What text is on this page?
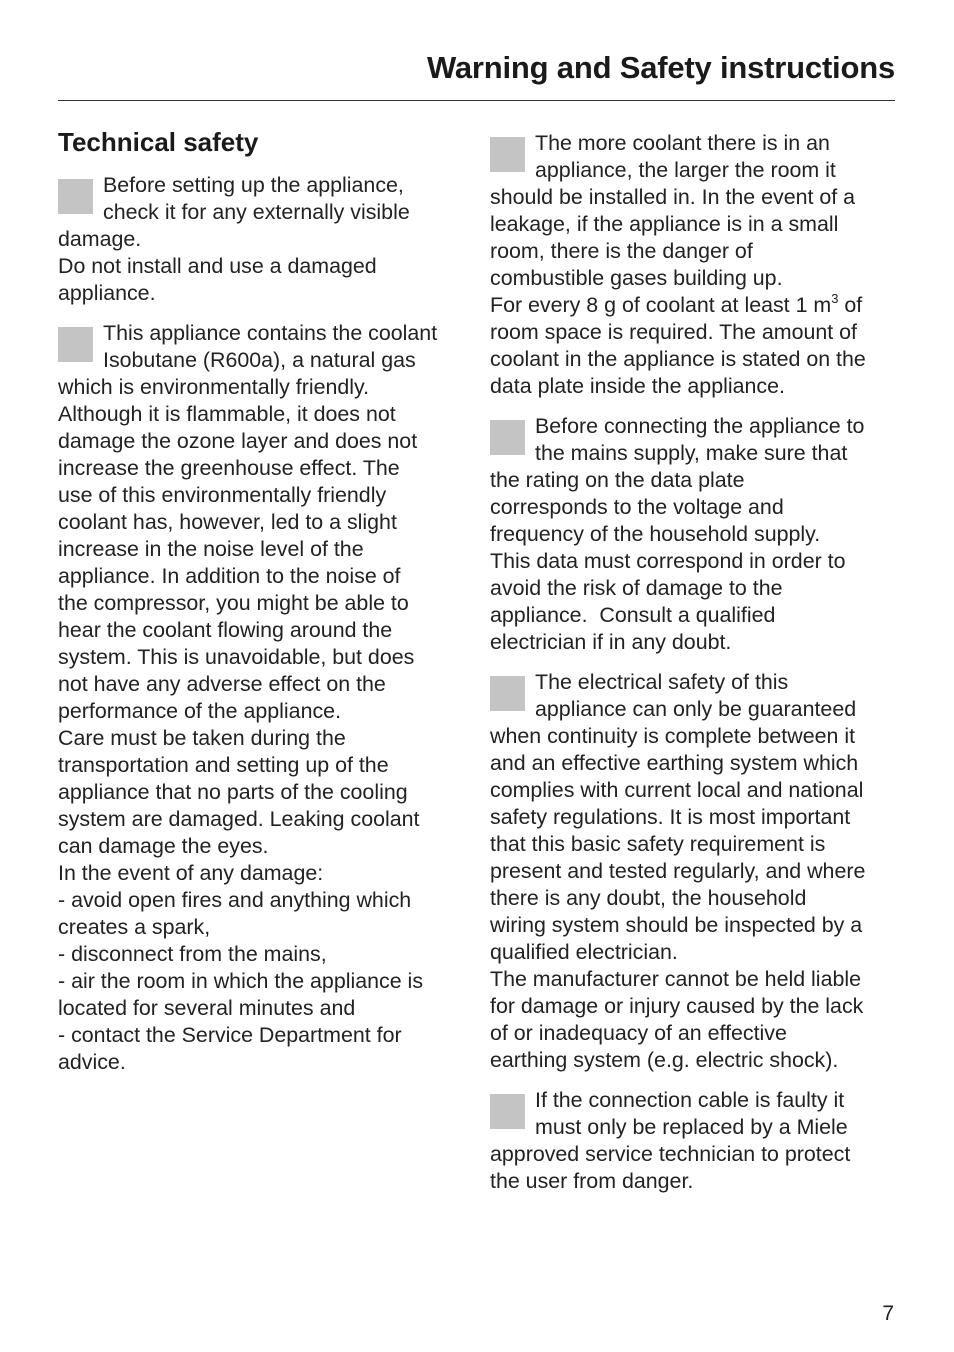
Warning and Safety instructions
Technical safety
Before setting up the appliance,
check it for any externally visible
damage.
Do not install and use a damaged
appliance.
This appliance contains the coolant
Isobutane (R600a), a natural gas
which is environmentally friendly.
Although it is flammable, it does not
damage the ozone layer and does not
increase the greenhouse effect. The
use of this environmentally friendly
coolant has, however, led to a slight
increase in the noise level of the
appliance. In addition to the noise of
the compressor, you might be able to
hear the coolant flowing around the
system. This is unavoidable, but does
not have any adverse effect on the
performance of the appliance.
Care must be taken during the
transportation and setting up of the
appliance that no parts of the cooling
system are damaged. Leaking coolant
can damage the eyes.
In the event of any damage:
- avoid open fires and anything which
creates a spark,
- disconnect from the mains,
- air the room in which the appliance is
located for several minutes and
- contact the Service Department for
advice.
The more coolant there is in an
appliance, the larger the room it
should be installed in. In the event of a
leakage, if the appliance is in a small
room, there is the danger of
combustible gases building up.
For every 8 g of coolant at least 1 $m^3$ of
room space is required. The amount of
coolant in the appliance is stated on the
data plate inside the appliance.
Before connecting the appliance to
the mains supply, make sure that
the rating on the data plate
corresponds to the voltage and
frequency of the household supply.
This data must correspond in order to
avoid the risk of damage to the
appliance.  Consult a qualified
electrician if in any doubt.
The electrical safety of this
appliance can only be guaranteed
when continuity is complete between it
and an effective earthing system which
complies with current local and national
safety regulations. It is most important
that this basic safety requirement is
present and tested regularly, and where
there is any doubt, the household
wiring system should be inspected by a
qualified electrician.
The manufacturer cannot be held liable
for damage or injury caused by the lack
of or inadequacy of an effective
earthing system (e.g. electric shock).
If the connection cable is faulty it
must only be replaced by a Miele
approved service technician to protect
the user from danger.
7
